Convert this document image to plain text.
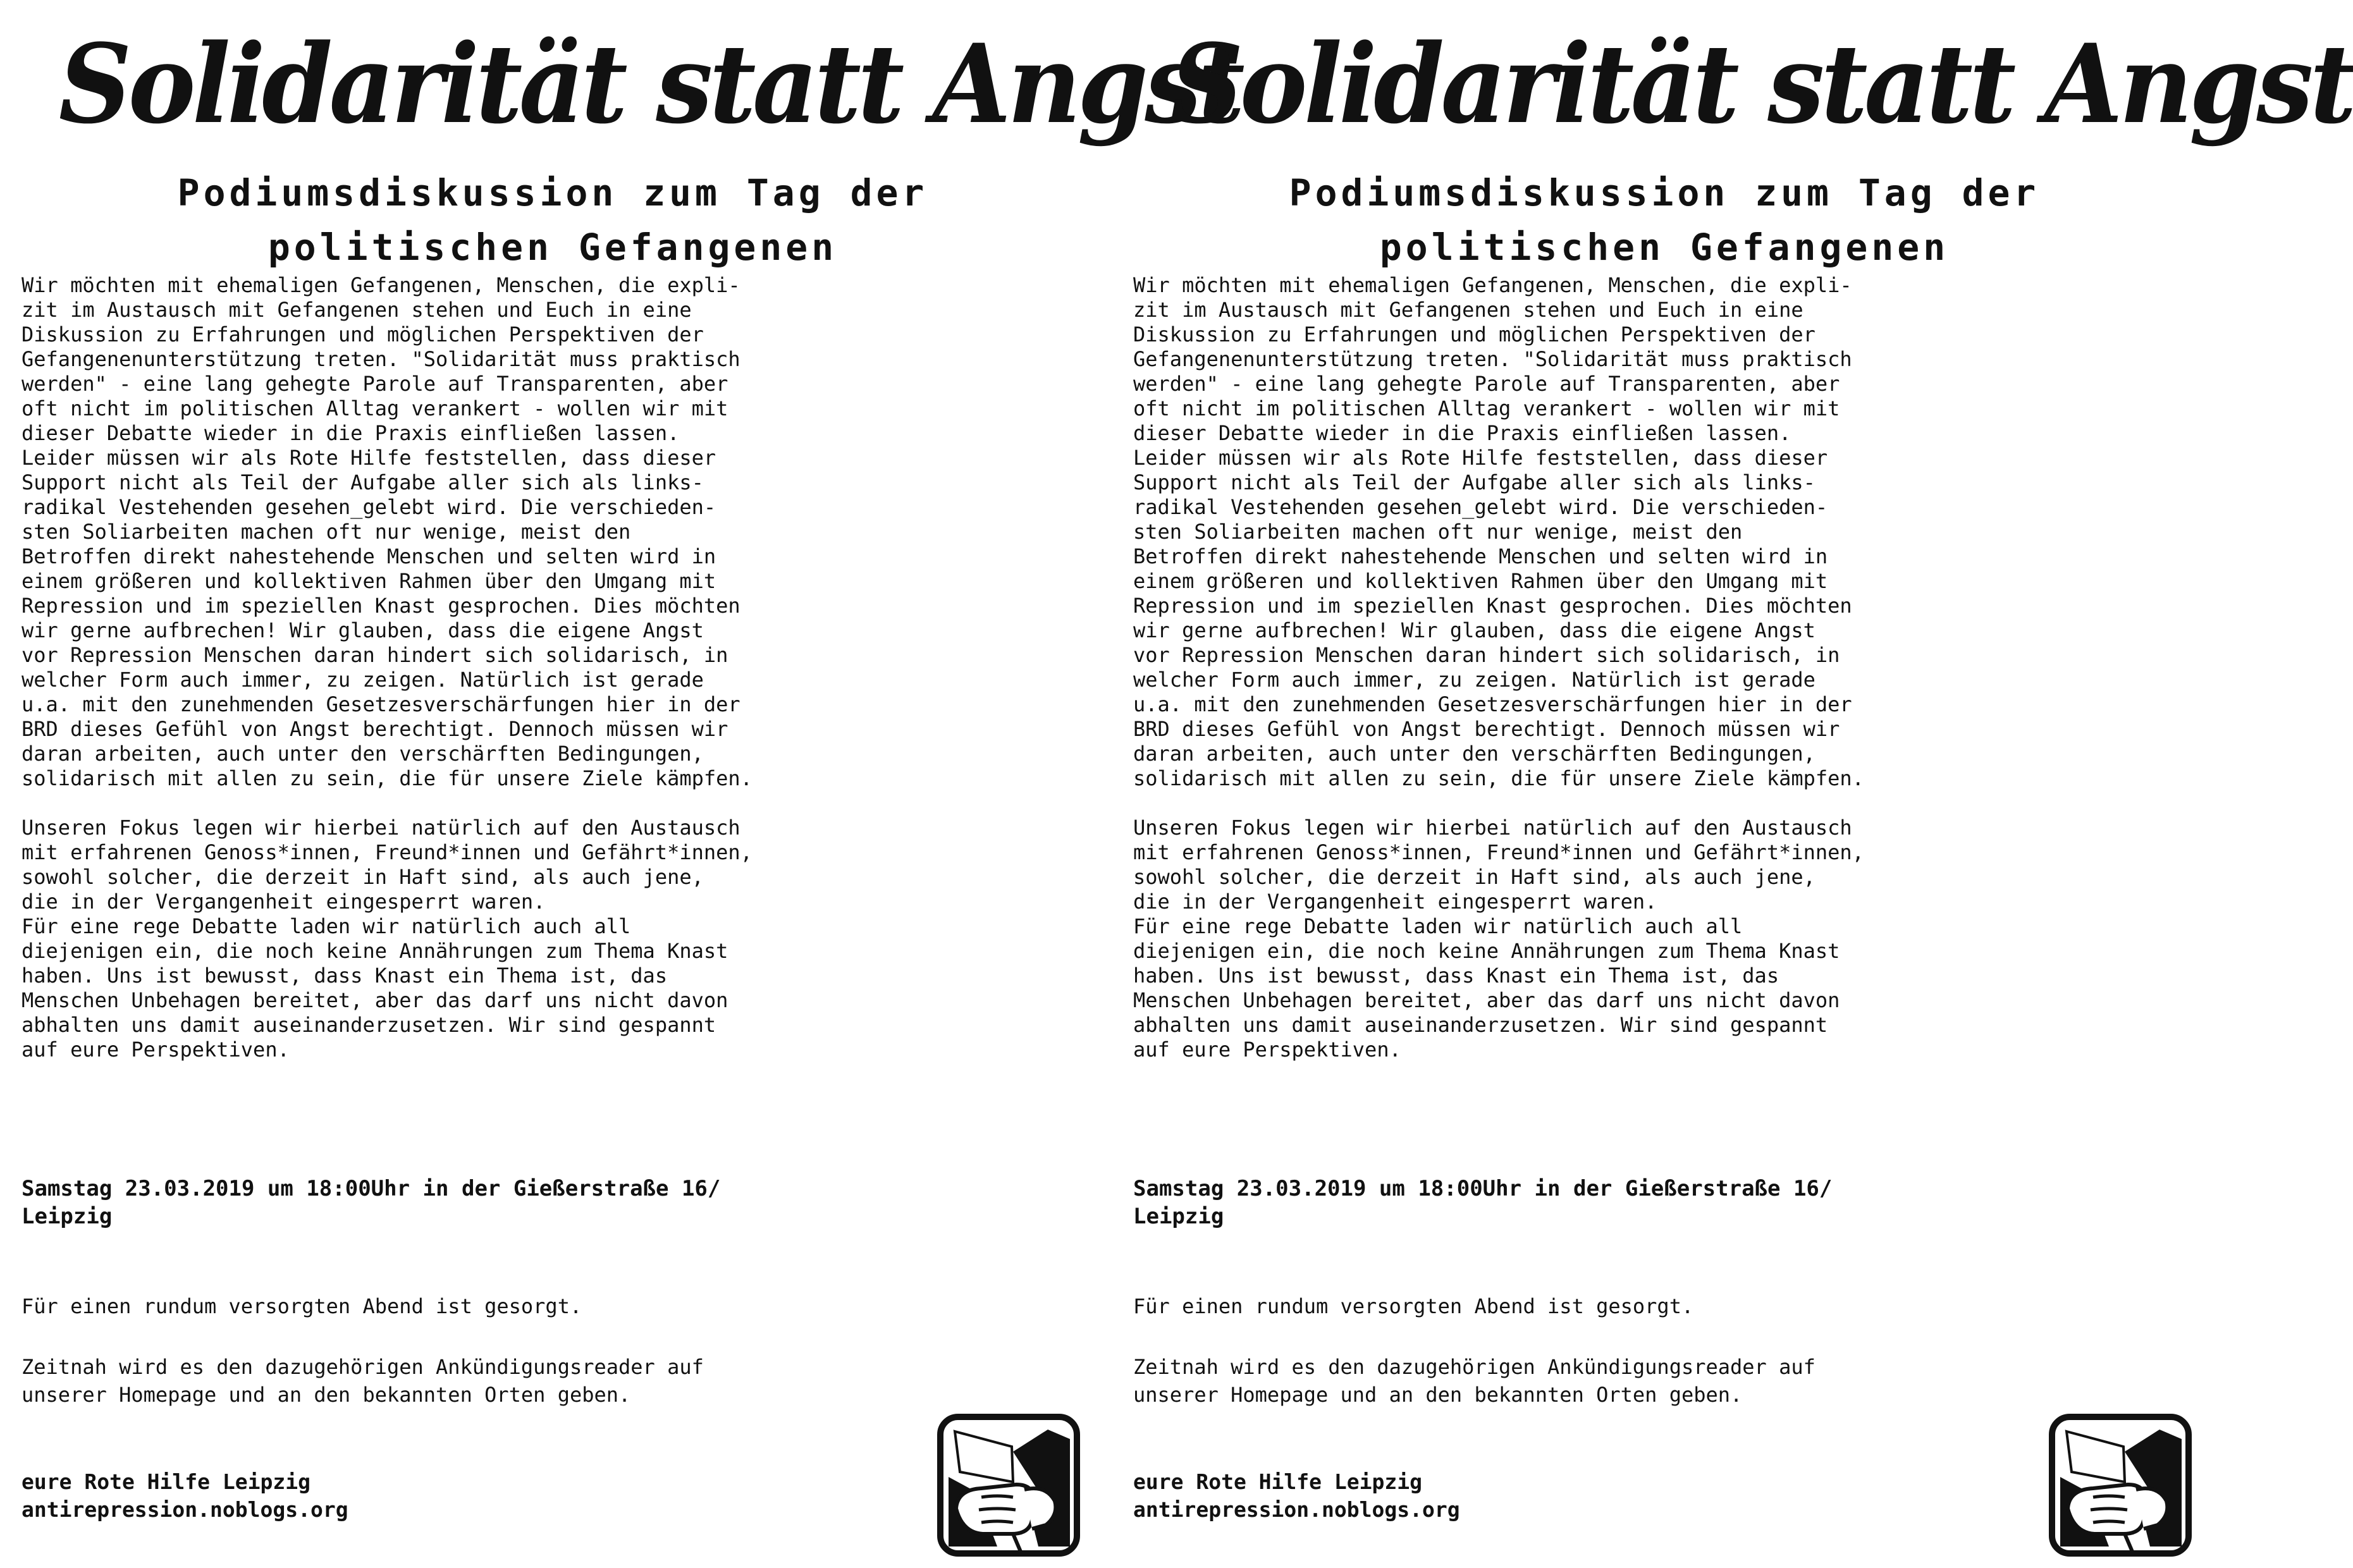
Solidarität statt Angst
Podiumsdiskussion zum Tag der
politischen Gefangenen

Wir möchten mit ehemaligen Gefangenen, Menschen, die expli-

zit im Austausch mit Gefangenen stehen und Euch in eine

Diskussion zu Erfahrungen und möglichen Perspektiven der

Gefangenenunterstützung treten. "Solidarität muss praktisch

werden" - eine lang gehegte Parole auf Transparenten, aber

oft nicht im politischen Alltag verankert - wollen wir mit

dieser Debatte wieder in die Praxis einfließen lassen.

Leider müssen wir als Rote Hilfe feststellen, dass dieser

Support nicht als Teil der Aufgabe aller sich als links-

radikal Vestehenden gesehen_gelebt wird. Die verschieden-

sten Soliarbeiten machen oft nur wenige, meist den

Betroffen direkt nahestehende Menschen und selten wird in

einem größeren und kollektiven Rahmen über den Umgang mit

Repression und im speziellen Knast gesprochen. Dies möchten

wir gerne aufbrechen! Wir glauben, dass die eigene Angst

vor Repression Menschen daran hindert sich solidarisch, in

welcher Form auch immer, zu zeigen. Natürlich ist gerade

u.a. mit den zunehmenden Gesetzesverschärfungen hier in der

BRD dieses Gefühl von Angst berechtigt. Dennoch müssen wir

daran arbeiten, auch unter den verschärften Bedingungen,

solidarisch mit allen zu sein, die für unsere Ziele kämpfen.

Unseren Fokus legen wir hierbei natürlich auf den Austausch

mit erfahrenen Genoss*innen, Freund*innen und Gefährt*innen,

sowohl solcher, die derzeit in Haft sind, als auch jene,

die in der Vergangenheit eingesperrt waren.

Für eine rege Debatte laden wir natürlich auch all

diejenigen ein, die noch keine Annährungen zum Thema Knast

haben. Uns ist bewusst, dass Knast ein Thema ist, das

Menschen Unbehagen bereitet, aber das darf uns nicht davon

abhalten uns damit auseinanderzusetzen. Wir sind gespannt

auf eure Perspektiven.

Samstag 23.03.2019 um 18:00Uhr in der Gießerstraße 16/

Leipzig

Für einen rundum versorgten Abend ist gesorgt.

Zeitnah wird es den dazugehörigen Ankündigungsreader auf

unserer Homepage und an den bekannten Orten geben.

eure Rote Hilfe Leipzig

antirepression.noblogs.org

Solidarität statt Angst
Podiumsdiskussion zum Tag der
politischen Gefangenen

Wir möchten mit ehemaligen Gefangenen, Menschen, die expli-

zit im Austausch mit Gefangenen stehen und Euch in eine

Diskussion zu Erfahrungen und möglichen Perspektiven der

Gefangenenunterstützung treten. "Solidarität muss praktisch

werden" - eine lang gehegte Parole auf Transparenten, aber

oft nicht im politischen Alltag verankert - wollen wir mit

dieser Debatte wieder in die Praxis einfließen lassen.

Leider müssen wir als Rote Hilfe feststellen, dass dieser

Support nicht als Teil der Aufgabe aller sich als links-

radikal Vestehenden gesehen_gelebt wird. Die verschieden-

sten Soliarbeiten machen oft nur wenige, meist den

Betroffen direkt nahestehende Menschen und selten wird in

einem größeren und kollektiven Rahmen über den Umgang mit

Repression und im speziellen Knast gesprochen. Dies möchten

wir gerne aufbrechen! Wir glauben, dass die eigene Angst

vor Repression Menschen daran hindert sich solidarisch, in

welcher Form auch immer, zu zeigen. Natürlich ist gerade

u.a. mit den zunehmenden Gesetzesverschärfungen hier in der

BRD dieses Gefühl von Angst berechtigt. Dennoch müssen wir

daran arbeiten, auch unter den verschärften Bedingungen,

solidarisch mit allen zu sein, die für unsere Ziele kämpfen.

Unseren Fokus legen wir hierbei natürlich auf den Austausch

mit erfahrenen Genoss*innen, Freund*innen und Gefährt*innen,

sowohl solcher, die derzeit in Haft sind, als auch jene,

die in der Vergangenheit eingesperrt waren.

Für eine rege Debatte laden wir natürlich auch all

diejenigen ein, die noch keine Annährungen zum Thema Knast

haben. Uns ist bewusst, dass Knast ein Thema ist, das

Menschen Unbehagen bereitet, aber das darf uns nicht davon

abhalten uns damit auseinanderzusetzen. Wir sind gespannt

auf eure Perspektiven.

Samstag 23.03.2019 um 18:00Uhr in der Gießerstraße 16/

Leipzig

Für einen rundum versorgten Abend ist gesorgt.

Zeitnah wird es den dazugehörigen Ankündigungsreader auf

unserer Homepage und an den bekannten Orten geben.

eure Rote Hilfe Leipzig

antirepression.noblogs.org
